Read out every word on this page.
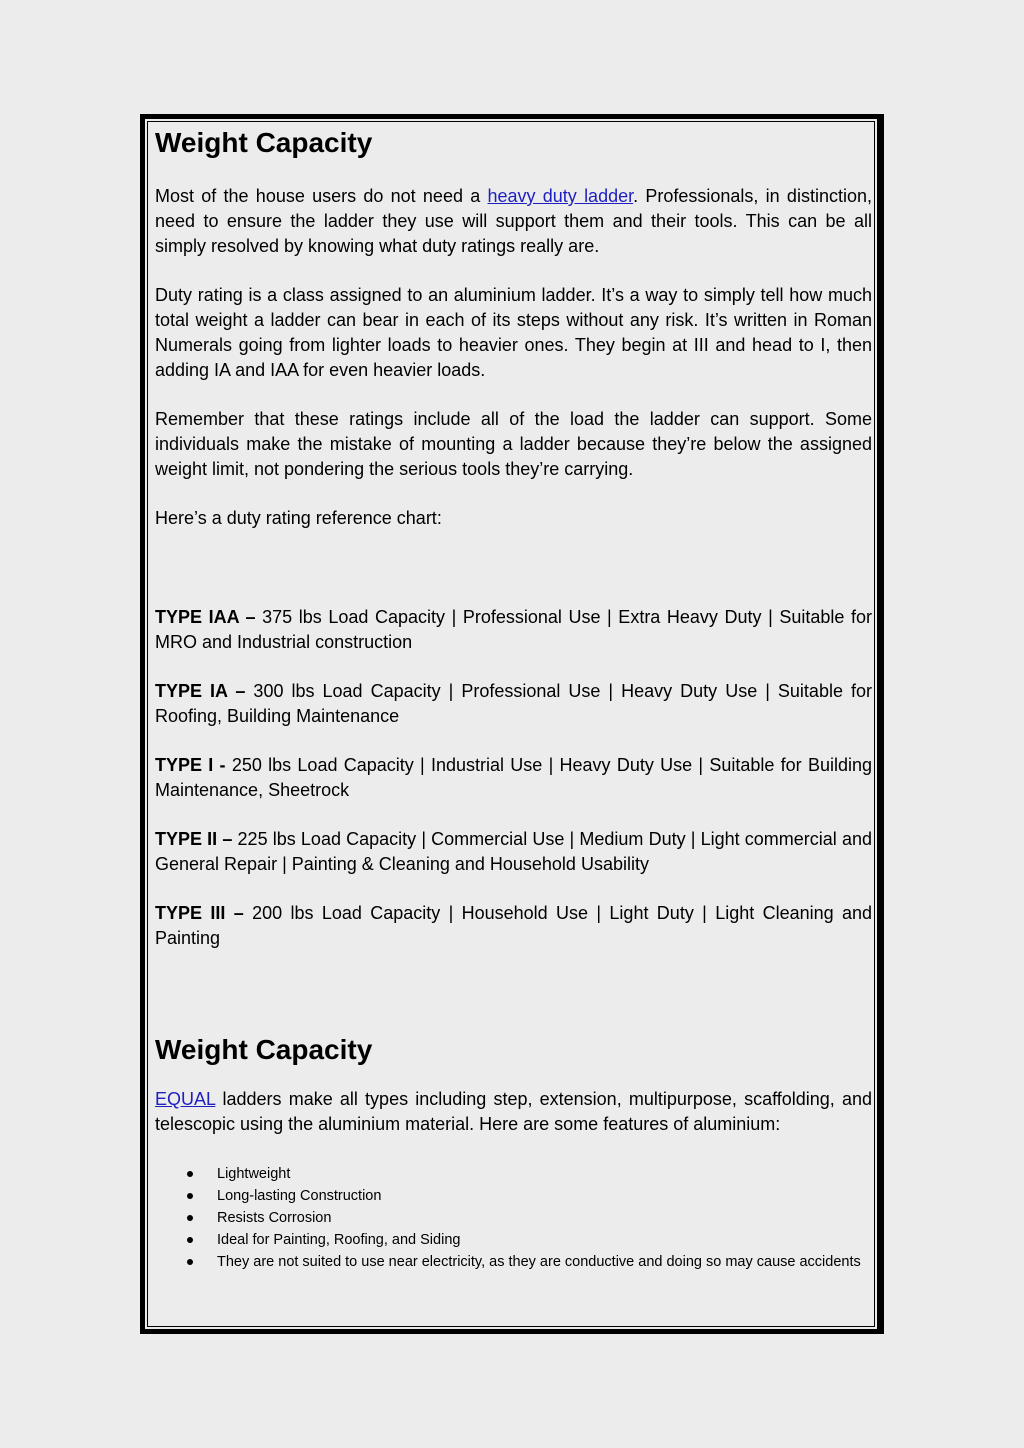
Weight Capacity

Most of the house users do not need a heavy duty ladder. Professionals, in distinction, need to ensure the ladder they use will support them and their tools. This can be all simply resolved by knowing what duty ratings really are.

Duty rating is a class assigned to an aluminium ladder. It’s a way to simply tell how much total weight a ladder can bear in each of its steps without any risk. It’s written in Roman Numerals going from lighter loads to heavier ones. They begin at III and head to I, then adding IA and IAA for even heavier loads.

Remember that these ratings include all of the load the ladder can support. Some individuals make the mistake of mounting a ladder because they’re below the assigned weight limit, not pondering the serious tools they’re carrying.

Here’s a duty rating reference chart:

TYPE IAA – 375 lbs Load Capacity | Professional Use | Extra Heavy Duty | Suitable for MRO and Industrial construction

TYPE IA – 300 lbs Load Capacity | Professional Use | Heavy Duty Use | Suitable for Roofing, Building Maintenance

TYPE I - 250 lbs Load Capacity | Industrial Use | Heavy Duty Use | Suitable for Building Maintenance, Sheetrock

TYPE II – 225 lbs Load Capacity | Commercial Use | Medium Duty | Light commercial and General Repair | Painting & Cleaning and Household Usability

TYPE III – 200 lbs Load Capacity | Household Use | Light Duty | Light Cleaning and Painting

Weight Capacity

EQUAL ladders make all types including step, extension, multipurpose, scaffolding, and telescopic using the aluminium material. Here are some features of aluminium:

Lightweight
Long-lasting Construction
Resists Corrosion
Ideal for Painting, Roofing, and Siding
They are not suited to use near electricity, as they are conductive and doing so may cause accidents
